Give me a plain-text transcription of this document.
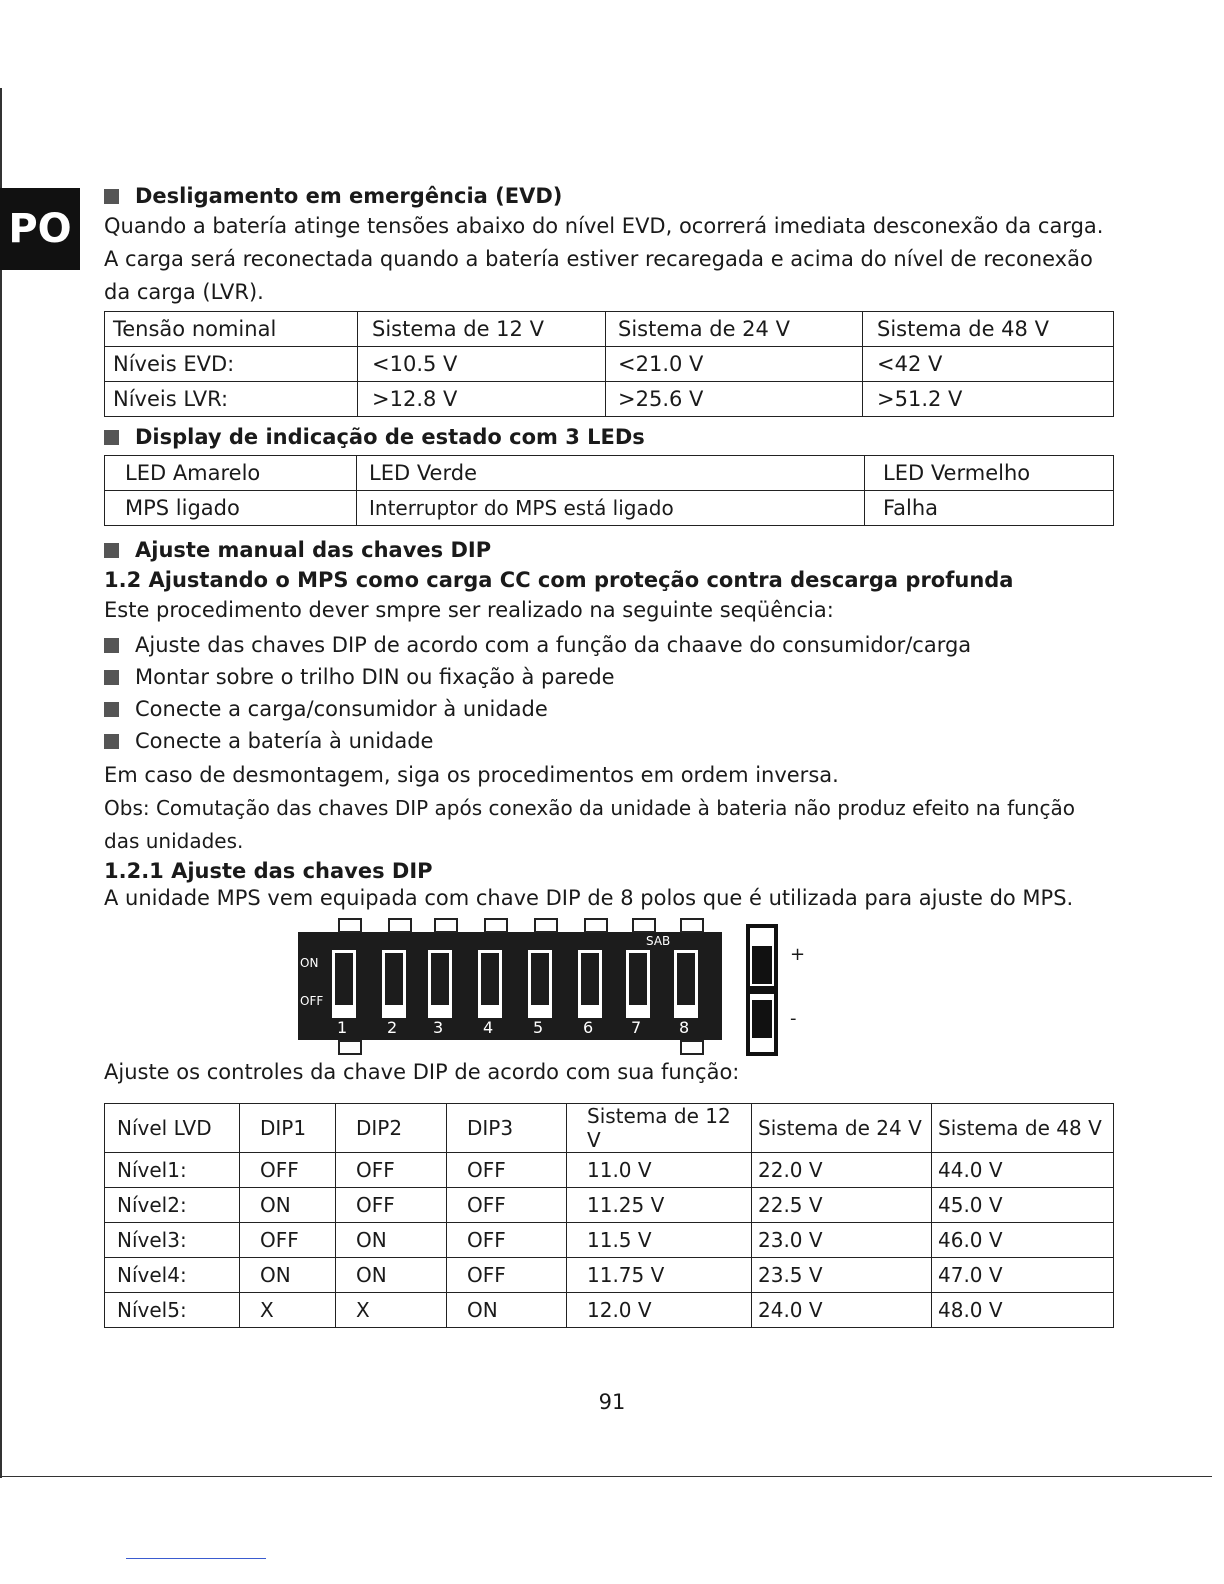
PO
Desligamento em emergência (EVD)

Quando a batería atinge tensões abaixo do nível EVD, ocorrerá imediata desconexão da carga.

A carga será reconectada quando a batería estiver recaregada e acima do nível de reconexão da carga (LVR).

Tensão nominal	Sistema de 12 V	Sistema de 24 V	Sistema de 48 V
Níveis EVD:	<10.5 V	<21.0 V	<42 V
Níveis LVR:	>12.8 V	>25.6 V	>51.2 V
Display de indicação de estado com 3 LEDs
LED Amarelo	LED Verde	LED Vermelho
MPS ligado	Interruptor do MPS está ligado	Falha
Ajuste manual das chaves DIP
1.2 Ajustando o MPS como carga CC com proteção contra descarga profunda

Este procedimento dever smpre ser realizado na seguinte seqüência:

Ajuste das chaves DIP de acordo com a função da chaave do consumidor/carga
Montar sobre o trilho DIN ou fixação à parede
Conecte a carga/consumidor à unidade
Conecte a batería à unidade

Em caso de desmontagem, siga os procedimentos em ordem inversa.

Obs: Comutação das chaves DIP após conexão da unidade à bateria não produz efeito na função das unidades.

1.2.1 Ajuste das chaves DIP

A unidade MPS vem equipada com chave DIP de 8 polos que é utilizada para ajuste do MPS.

ON
OFF
SAB
1 2 3 4 5 6 7 8
+
-

Ajuste os controles da chave DIP de acordo com sua função:

Nível LVD	DIP1	DIP2	DIP3	Sistema de 12 V	Sistema de 24 V	Sistema de 48 V
Nível1:	OFF	OFF	OFF	11.0 V	22.0 V	44.0 V
Nível2:	ON	OFF	OFF	11.25 V	22.5 V	45.0 V
Nível3:	OFF	ON	OFF	11.5 V	23.0 V	46.0 V
Nível4:	ON	ON	OFF	11.75 V	23.5 V	47.0 V
Nível5:	X	X	ON	12.0 V	24.0 V	48.0 V
91
